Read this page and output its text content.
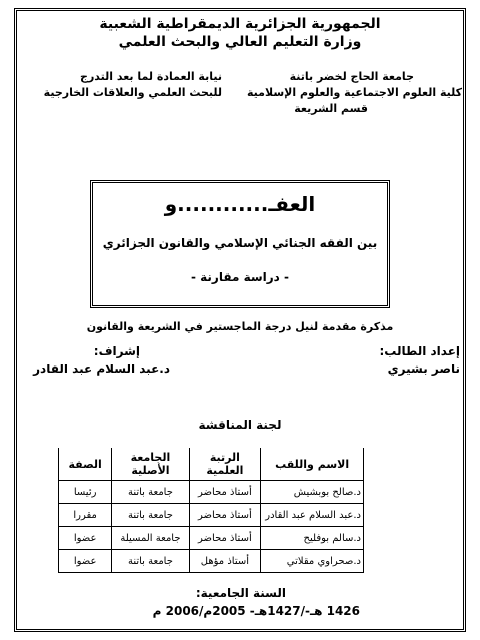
الجمهورية الجزائرية الديمقراطية الشعبية
وزارة التعليم العالي والبحث العلمي
نيابة العمادة لما بعد التدرج
للبحث العلمي والعلاقات الخارجية
جامعة الحاج لخضر باتنة
كلية العلوم الاجتماعية والعلوم الإسلامية
قسم الشريعة
العفـ............و
بين الفقه الجنائي الإسلامي والقانون الجزائري
- دراسة مقارنة -
مذكرة مقدمة لنيل درجة الماجستير في الشريعة والقانون
إعداد الطالب:
ناصر بشيري
إشراف:
د.عبد السلام عبد القادر
لجنة المناقشة
الاسم واللقب	الرتبة العلمية	الجامعة الأصلية	الصفة
د.صالح بوبشيش	أستاذ محاضر	جامعة باتنة	رئيسا
د.عبد السلام عبد القادر	أستاذ محاضر	جامعة باتنة	مقررا
د.سالم بوفليح	أستاذ محاضر	جامعة المسيلة	عضوا
د.صحراوي مقلاتي	أستاذ مؤهل	جامعة باتنة	عضوا
السنة الجامعية:
1426 هـ-/1427هـ- 2005م/2006 م
